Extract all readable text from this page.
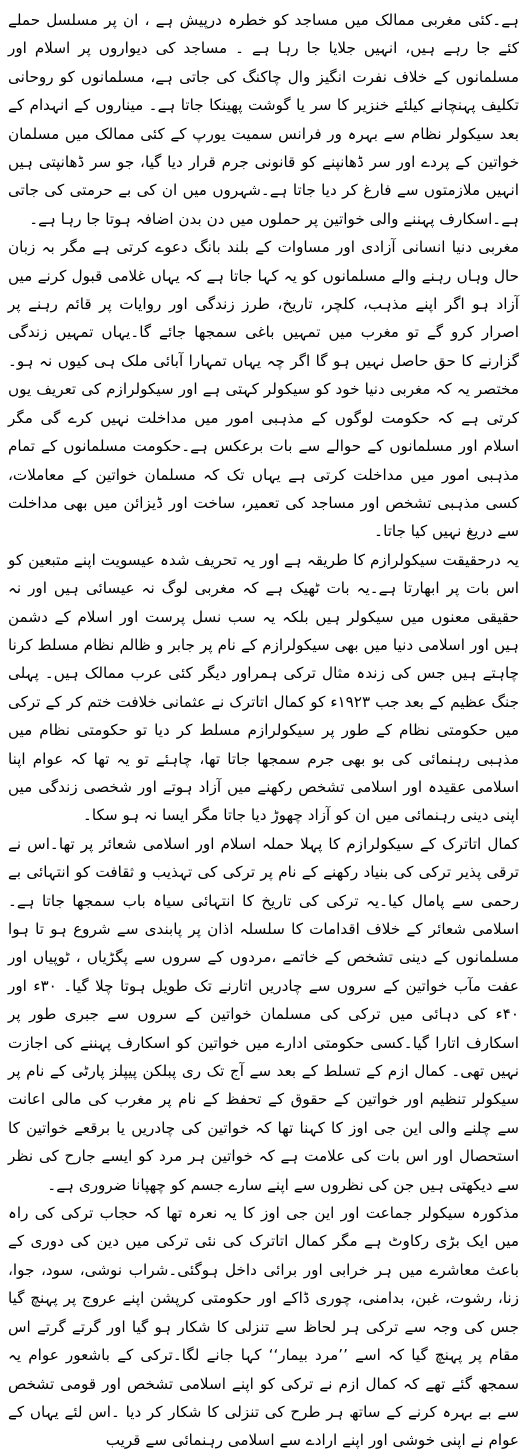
ہے۔کئی مغربی ممالک میں مساجد کو خطرہ درپیش ہے ، ان پر مسلسل حملے کئے جا رہے ہیں، انہیں جلایا جا رہا ہے ۔ مساجد کی دیواروں پر اسلام اور مسلمانوں کے خلاف نفرت انگیز وال چاکنگ کی جاتی ہے، مسلمانوں کو روحانی تکلیف پہنچانے کیلئے خنزیر کا سر یا گوشت پھینکا جاتا ہے۔ میناروں کے انہدام کے بعد سیکولر نظام سے بہرہ ور فرانس سمیت یورپ کے کئی ممالک میں مسلمان خواتین کے پردے اور سر ڈھانپنے کو قانونی جرم قرار دیا گیا، جو سر ڈھانپتی ہیں انہیں ملازمتوں سے فارغ کر دیا جاتا ہے۔شہروں میں ان کی بے حرمتی کی جاتی ہے۔اسکارف پہننے والی خواتین پر حملوں میں دن بدن اضافہ ہوتا جا رہا ہے۔

مغربی دنیا انسانی آزادی اور مساوات کے بلند بانگ دعوے کرتی ہے مگر بہ زبان حال وہاں رہنے والے مسلمانوں کو یہ کہا جاتا ہے کہ یہاں غلامی قبول کرنے میں آزاد ہو اگر اپنے مذہب، کلچر، تاریخ، طرز زندگی اور روایات پر قائم رہنے پر اصرار کرو گے تو مغرب میں تمہیں باغی سمجھا جائے گا۔یہاں تمہیں زندگی گزارنے کا حق حاصل نہیں ہو گا اگر چہ یہاں تمہارا آبائی ملک ہی کیوں نہ ہو۔مختصر یہ کہ مغربی دنیا خود کو سیکولر کہتی ہے اور سیکولرازم کی تعریف یوں کرتی ہے کہ حکومت لوگوں کے مذہبی امور میں مداخلت نہیں کرے گی مگر اسلام اور مسلمانوں کے حوالے سے بات برعکس ہے۔حکومت مسلمانوں کے تمام مذہبی امور میں مداخلت کرتی ہے یہاں تک کہ مسلمان خواتین کے معاملات، کسی مذہبی تشخص اور مساجد کی تعمیر، ساخت اور ڈیزائن میں بھی مداخلت سے دریغ نہیں کیا جاتا۔

یہ درحقیقت سیکولرازم کا طریقہ ہے اور یہ تحریف شدہ عیسویت اپنے متبعین کو اس بات پر ابھارتا ہے۔یہ بات ٹھیک ہے کہ مغربی لوگ نہ عیسائی ہیں اور نہ حقیقی معنوں میں سیکولر ہیں بلکہ یہ سب نسل پرست اور اسلام کے دشمن ہیں اور اسلامی دنیا میں بھی سیکولرازم کے نام پر جابر و ظالم نظام مسلط کرنا چاہتے ہیں جس کی زندہ مثال ترکی ہمراور دیگر کئی عرب ممالک ہیں۔ پہلی جنگ عظیم کے بعد جب ۱۹۲۳ء کو کمال اتاترک نے عثمانی خلافت ختم کر کے ترکی میں حکومتی نظام کے طور پر سیکولرازم مسلط کر دیا تو حکومتی نظام میں مذہبی رہنمائی کی بو بھی جرم سمجھا جاتا تھا، چاہئے تو یہ تھا کہ عوام اپنا اسلامی عقیدہ اور اسلامی تشخص رکھنے میں آزاد ہوتے اور شخصی زندگی میں اپنی دینی رہنمائی میں ان کو آزاد چھوڑ دیا جاتا مگر ایسا نہ ہو سکا۔

کمال اتاترک کے سیکولرازم کا پہلا حملہ اسلام اور اسلامی شعائر پر تھا۔اس نے ترقی پذیر ترکی کی بنیاد رکھنے کے نام پر ترکی کی تہذیب و ثقافت کو انتہائی بے رحمی سے پامال کیا۔یہ ترکی کی تاریخ کا انتہائی سیاہ باب سمجھا جاتا ہے۔اسلامی شعائر کے خلاف اقدامات کا سلسلہ اذان پر پابندی سے شروع ہو تا ہوا مسلمانوں کے دینی تشخص کے خاتمے ،مردوں کے سروں سے پگڑیاں ، ٹوپیاں اور عفت مآب خواتین کے سروں سے چادریں اتارنے تک طویل ہوتا چلا گیا۔ ۳۰ء اور ۴۰ء کی دہائی میں ترکی کی مسلمان خواتین کے سروں سے جبری طور پر اسکارف اتارا گیا۔کسی حکومتی ادارے میں خواتین کو اسکارف پہننے کی اجازت نہیں تھی۔ کمال ازم کے تسلط کے بعد سے آج تک ری پبلکن پیپلز پارٹی کے نام پر سیکولر تنظیم اور خواتین کے حقوق کے تحفظ کے نام پر مغرب کی مالی اعانت سے چلنے والی این جی اوز کا کہنا تھا کہ خواتین کی چادریں یا برقعے خواتین کا استحصال اور اس بات کی علامت ہے کہ خواتین ہر مرد کو ایسے جارح کی نظر سے دیکھتی ہیں جن کی نظروں سے اپنے سارے جسم کو چھپانا ضروری ہے۔

مذکورہ سیکولر جماعت اور این جی اوز کا یہ نعرہ تھا کہ حجاب ترکی کی راہ میں ایک بڑی رکاوٹ ہے مگر کمال اتاترک کی نئی ترکی میں دین کی دوری کے باعث معاشرے میں ہر خرابی اور برائی داخل ہوگئی۔شراب نوشی، سود، جوا، زنا، رشوت، غبن، بدامنی، چوری ڈاکے اور حکومتی کرپشن اپنے عروج پر پہنچ گیا جس کی وجہ سے ترکی ہر لحاظ سے تنزلی کا شکار ہو گیا اور گرتے گرتے اس مقام پر پہنچ گیا کہ اسے ’’مرد بیمار‘‘ کہا جانے لگا۔ترکی کے باشعور عوام یہ سمجھ گئے تھے کہ کمال ازم نے ترکی کو اپنے اسلامی تشخص اور قومی تشخص سے بے بہرہ کرنے کے ساتھ ہر طرح کی تنزلی کا شکار کر دیا ۔اس لئے یہاں کے عوام نے اپنی خوشی اور اپنے ارادے سے اسلامی رہنمائی سے قریب
